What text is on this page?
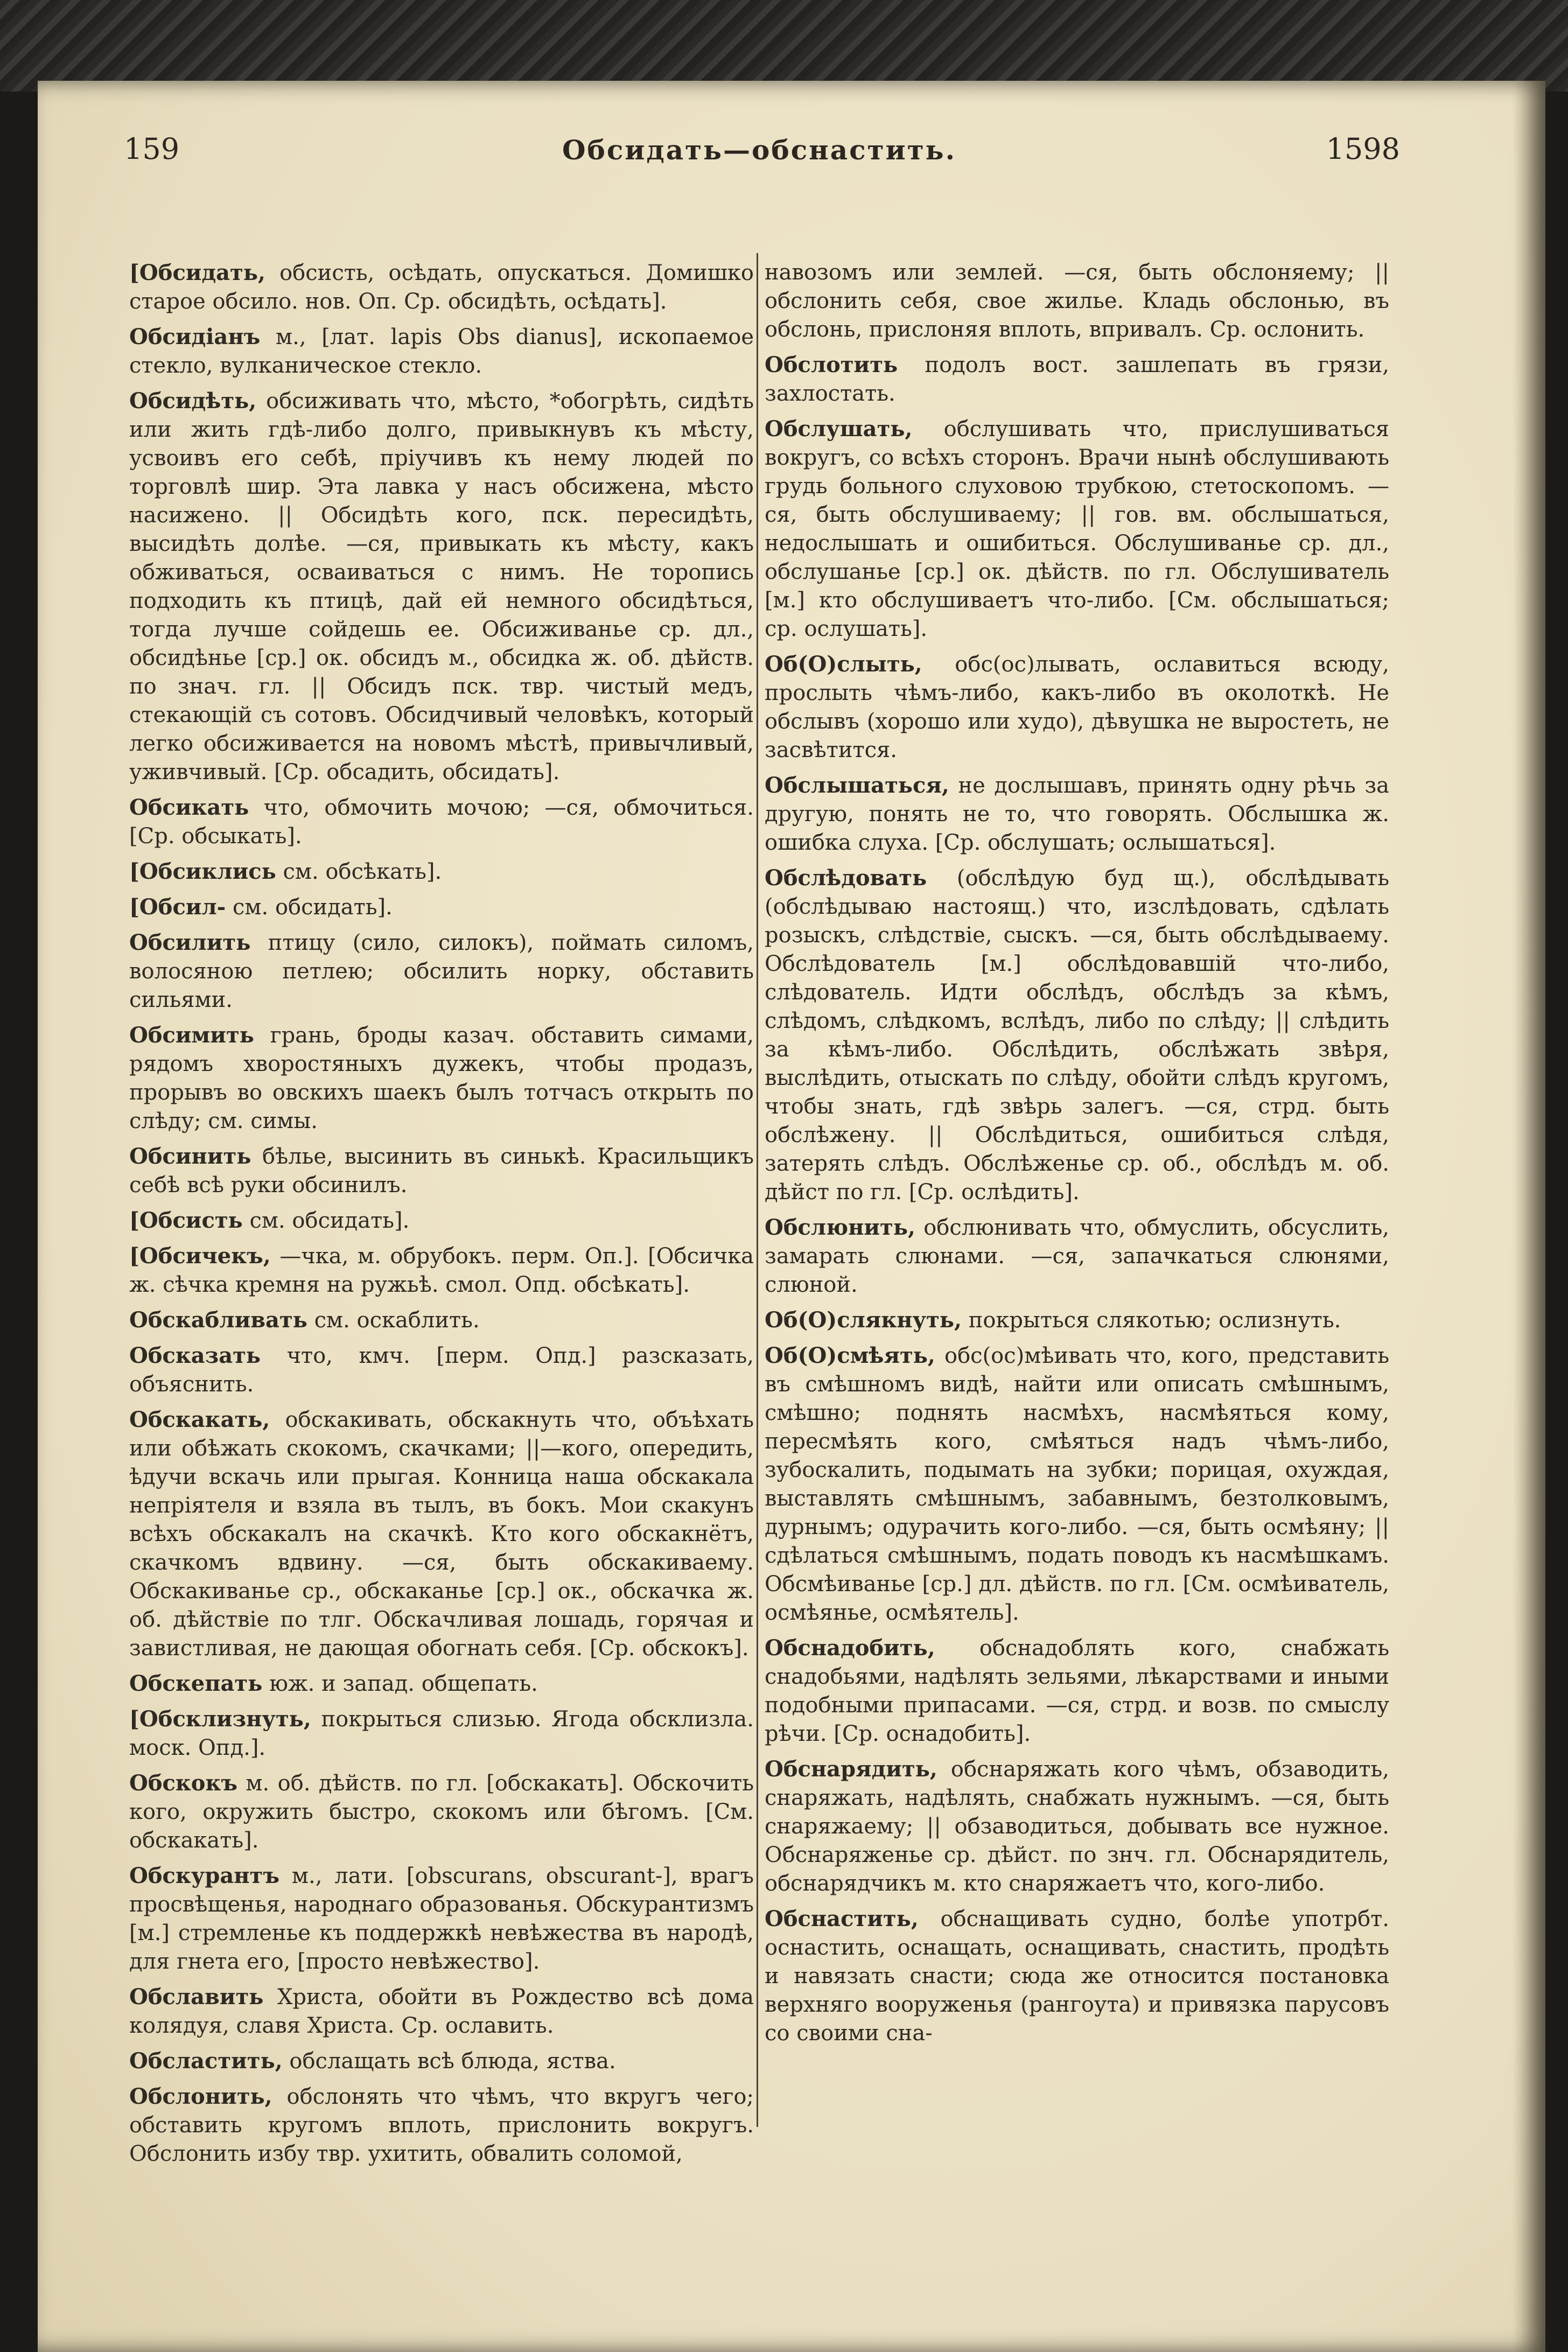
159	Обсидать—обснастить.	1598

[Обсидать, обсисть, осѣдать, опускаться. Домишко старое обсило. нов. Оп. Ср. обсидѣть, осѣдать].

Обсидіанъ м., [лат. lapis Obs dianus], ископаемое стекло, вулканическое стекло.

Обсидѣть, обсиживать что, мѣсто, *обогрѣть, сидѣть или жить гдѣ-либо долго, привыкнувъ къ мѣсту, усвоивъ его себѣ, пріучивъ къ нему людей по торговлѣ шир. Эта лавка у насъ обсижена, мѣсто насижено. || Обсидѣть кого, пск. пересидѣть, высидѣть долѣе. —ся, привыкать къ мѣсту, какъ обживаться, осваиваться с нимъ. Не торопись подходить къ птицѣ, дай ей немного обсидѣться, тогда лучше сойдешь ее. Обсиживанье ср. дл., обсидѣнье [ср.] ок. обсидъ м., обсидка ж. об. дѣйств. по знач. гл. || Обсидъ пск. твр. чистый медъ, стекающій съ сотовъ. Обсидчивый человѣкъ, который легко обсиживается на новомъ мѣстѣ, привычливый, уживчивый. [Ср. обсадить, обсидать].

Обсикать что, обмочить мочою; —ся, обмочиться. [Ср. обсыкать].

[Обсиклись см. обсѣкать].

[Обсил- см. обсидать].

Обсилить птицу (сило, силокъ), поймать силомъ, волосяною петлею; обсилить норку, обставить сильями.

Обсимить грань, броды казач. обставить симами, рядомъ хворостяныхъ дужекъ, чтобы продазъ, прорывъ во овскихъ шаекъ былъ тотчасъ открыть по слѣду; см. симы.

Обсинить бѣлье, высинить въ синькѣ. Красильщикъ себѣ всѣ руки обсинилъ.

[Обсисть см. обсидать].

[Обсичекъ, —чка, м. обрубокъ. перм. Оп.]. [Обсичка ж. сѣчка кремня на ружьѣ. смол. Опд. обсѣкать].

Обскабливать см. оскаблить.

Обсказать что, кмч. [перм. Опд.] разсказать, объяснить.

Обскакать, обскакивать, обскакнуть что, объѣхать или обѣжать скокомъ, скачками; ||—кого, опередить, ѣдучи вскачь или прыгая. Конница наша обскакала непріятеля и взяла въ тылъ, въ бокъ. Мои скакунъ всѣхъ обскакалъ на скачкѣ. Кто кого обскакнётъ, скачкомъ вдвину. —ся, быть обскакиваему. Обскакиванье ср., обскаканье [ср.] ок., обскачка ж. об. дѣйствіе по тлг. Обскачливая лошадь, горячая и завистливая, не дающая обогнать себя. [Ср. обскокъ].

Обскепать юж. и запад. общепать.

[Обсклизнуть, покрыться слизью. Ягода обсклизла. моск. Опд.].

Обскокъ м. об. дѣйств. по гл. [обскакать]. Обскочить кого, окружить быстро, скокомъ или бѣгомъ. [См. обскакать].

Обскурантъ м., лати. [obscurans, obscurant-], врагъ просвѣщенья, народнаго образованья. Обскурантизмъ [м.] стремленье къ поддержкѣ невѣжества въ народѣ, для гнета его, [просто невѣжество].

Обславить Христа, обойти въ Рождество всѣ дома колядуя, славя Христа. Ср. ославить.

Обсластить, обслащать всѣ блюда, яства.

Обслонить, обслонять что чѣмъ, что вкругъ чего; обставить кругомъ вплоть, прислонить вокругъ. Обслонить избу твр. ухитить, обвалить соломой,

навозомъ или землей. —ся, быть обслоняему; || обслонить себя, свое жилье. Кладь обслонью, въ обслонь, прислоняя вплоть, впривалъ. Ср. ослонить.

Обслотить подолъ вост. зашлепать въ грязи, захлостать.

Обслушать, обслушивать что, прислушиваться вокругъ, со всѣхъ сторонъ. Врачи нынѣ обслушивають грудь больного слуховою трубкою, стетоскопомъ. —ся, быть обслушиваему; || гов. вм. обслышаться, недослышать и ошибиться. Обслушиванье ср. дл., обслушанье [ср.] ок. дѣйств. по гл. Обслушиватель [м.] кто обслушиваетъ что-либо. [См. обслышаться; ср. ослушать].

Об(О)слыть, обс(ос)лывать, ославиться всюду, прослыть чѣмъ-либо, какъ-либо въ околоткѣ. Не обслывъ (хорошо или худо), дѣвушка не выростеть, не засвѣтится.

Обслышаться, не дослышавъ, принять одну рѣчь за другую, понять не то, что говорять. Обслышка ж. ошибка слуха. [Ср. обслушать; ослышаться].

Обслѣдовать (обслѣдую буд щ.), обслѣдывать (обслѣдываю настоящ.) что, изслѣдовать, сдѣлать розыскъ, слѣдствіе, сыскъ. —ся, быть обслѣдываему. Обслѣдователь [м.] обслѣдовавшій что-либо, слѣдователь. Идти обслѣдъ, обслѣдъ за кѣмъ, слѣдомъ, слѣдкомъ, вслѣдъ, либо по слѣду; || слѣдить за кѣмъ-либо. Обслѣдить, обслѣжать звѣря, выслѣдить, отыскать по слѣду, обойти слѣдъ кругомъ, чтобы знать, гдѣ звѣрь залегъ. —ся, стрд. быть обслѣжену. || Обслѣдиться, ошибиться слѣдя, затерять слѣдъ. Обслѣженье ср. об., обслѣдъ м. об. дѣйст по гл. [Ср. ослѣдить].

Обслюнить, обслюнивать что, обмуслить, обсуслить, замарать слюнами. —ся, запачкаться слюнями, слюной.

Об(О)слякнуть, покрыться слякотью; ослизнуть.

Об(О)смѣять, обс(ос)мѣивать что, кого, представить въ смѣшномъ видѣ, найти или описать смѣшнымъ, смѣшно; поднять насмѣхъ, насмѣяться кому, пересмѣять кого, смѣяться надъ чѣмъ-либо, зубоскалить, подымать на зубки; порицая, охуждая, выставлять смѣшнымъ, забавнымъ, безтолковымъ, дурнымъ; одурачить кого-либо. —ся, быть осмѣяну; || сдѣлаться смѣшнымъ, подать поводъ къ насмѣшкамъ. Обсмѣиванье [ср.] дл. дѣйств. по гл. [См. осмѣиватель, осмѣянье, осмѣятель].

Обснадобить, обснадоблять кого, снабжать снадобьями, надѣлять зельями, лѣкарствами и иными подобными припасами. —ся, стрд. и возв. по смыслу рѣчи. [Ср. оснадобить].

Обснарядить, обснаряжать кого чѣмъ, обзаводить, снаряжать, надѣлять, снабжать нужнымъ. —ся, быть снаряжаему; || обзаводиться, добывать все нужное. Обснаряженье ср. дѣйст. по знч. гл. Обснарядитель, обснарядчикъ м. кто снаряжаетъ что, кого-либо.

Обснастить, обснащивать судно, болѣе употрбт. оснастить, оснащать, оснащивать, снастить, продѣть и навязать снасти; сюда же относится постановка верхняго вооруженья (рангоута) и привязка парусовъ со своими сна-
